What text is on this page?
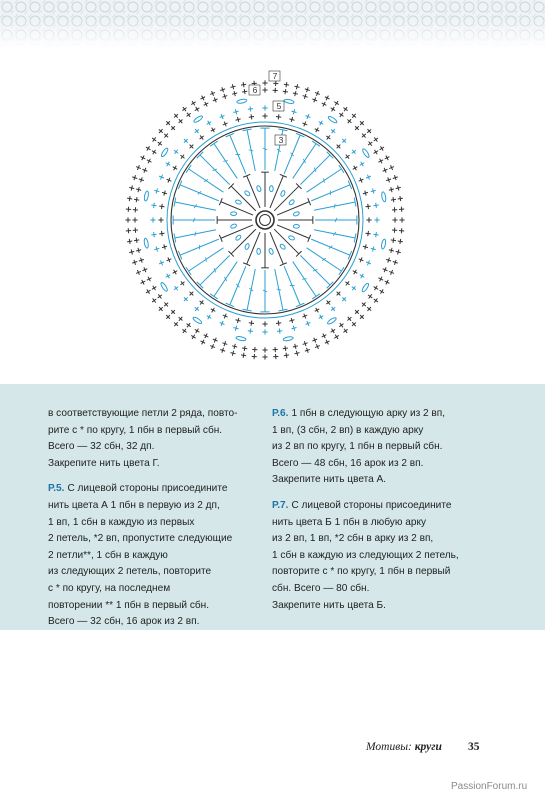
7
6
5
3
в соответствующие петли 2 ряда, повто-
рите с * по кругу, 1 пбн в первый сбн.
Всего — 32 сбн, 32 дп.
Закрепите нить цвета Г.
Р.5. С лицевой стороны присоедините
нить цвета А 1 пбн в первую из 2 дп,
1 вп, 1 сбн в каждую из первых
2 петель, *2 вп, пропустите следующие
2 петли**, 1 сбн в каждую
из следующих 2 петель, повторите
с * по кругу, на последнем
повторении ** 1 пбн в первый сбн.
Всего — 32 сбн, 16 арок из 2 вп.
Р.6. 1 пбн в следующую арку из 2 вп,
1 вп, (3 сбн, 2 вп) в каждую арку
из 2 вп по кругу, 1 пбн в первый сбн.
Всего — 48 сбн, 16 арок из 2 вп.
Закрепите нить цвета А.
Р.7. С лицевой стороны присоедините
нить цвета Б 1 пбн в любую арку
из 2 вп, 1 вп, *2 сбн в арку из 2 вп,
1 сбн в каждую из следующих 2 петель,
повторите с * по кругу, 1 пбн в первый
сбн. Всего — 80 сбн.
Закрепите нить цвета Б.
Мотивы: круги 35
PassionForum.ru
